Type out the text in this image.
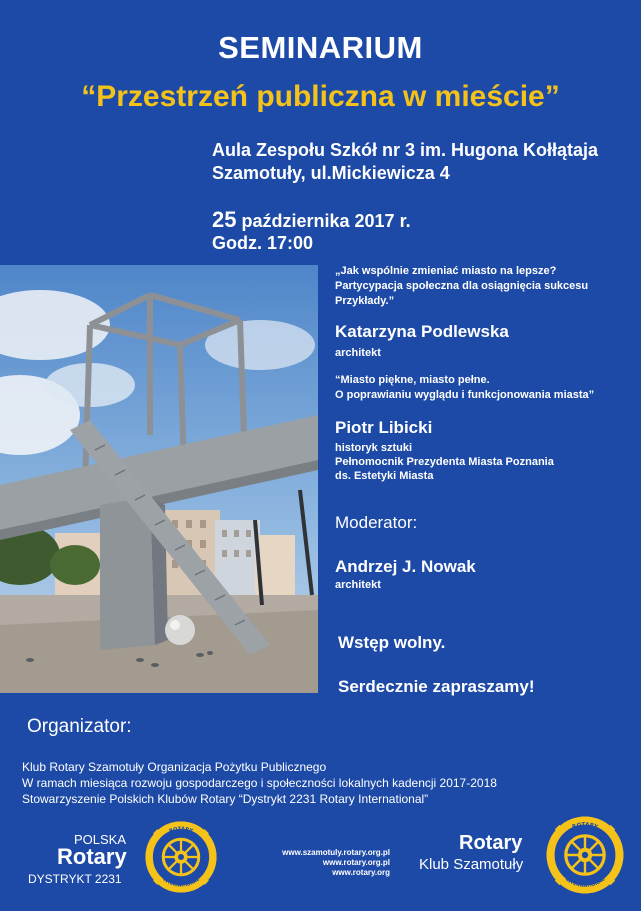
SEMINARIUM
“Przestrzeń publiczna w mieście”
Aula Zespołu Szkół nr 3 im. Hugona Kołłątaja
Szamotuły, ul.Mickiewicza 4
25 października 2017 r.
Godz. 17:00
„Jak wspólnie zmieniać miasto na lepsze?
Partycypacja społeczna dla osiągnięcia sukcesu
Przykłady.”
Katarzyna Podlewska
architekt
“Miasto piękne, miasto pełne.
O poprawianiu wyglądu i funkcjonowania miasta”
Piotr Libicki
historyk sztuki
Pełnomocnik Prezydenta Miasta Poznania
ds. Estetyki Miasta
Moderator:
Andrzej J. Nowak
architekt
Wstęp wolny.
Serdecznie zapraszamy!
Organizator:
Klub Rotary Szamotuły Organizacja Pożytku Publicznego
W ramach miesiąca rozwoju gospodarczego i społeczności lokalnych kadencji 2017-2018
Stowarzyszenie Polskich Klubów Rotary “Dystrykt 2231 Rotary International”
POLSKA
Rotary
DYSTRYKT 2231
ROTARY
INTERNATIONAL
www.szamotuly.rotary.org.pl
www.rotary.org.pl
www.rotary.org
Rotary
Klub Szamotuły
ROTARY
INTERNATIONAL
